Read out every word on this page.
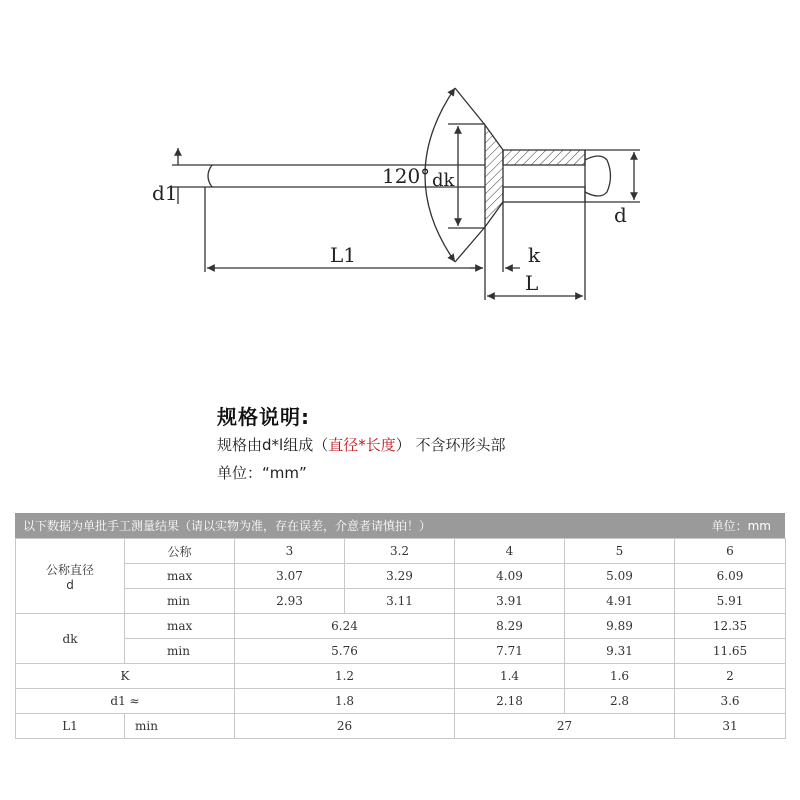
d1
120° dk
L1	k
L
d
规格说明:
规格由d*l组成（直径*长度） 不含环形头部
单位：“mm”
以下数据为单批手工测量结果（请以实物为准，存在误差，介意者请慎拍！）	单位：mm
公称直径
d	公称	3	3.2	4	5	6
	max	3.07	3.29	4.09	5.09	6.09
	min	2.93	3.11	3.91	4.91	5.91
dk	max	6.24		8.29	9.89	12.35
	min	5.76		7.71	9.31	11.65
K		1.2		1.4	1.6	2
d1 ≈		1.8		2.18	2.8	3.6
L1	min	26		27		31
